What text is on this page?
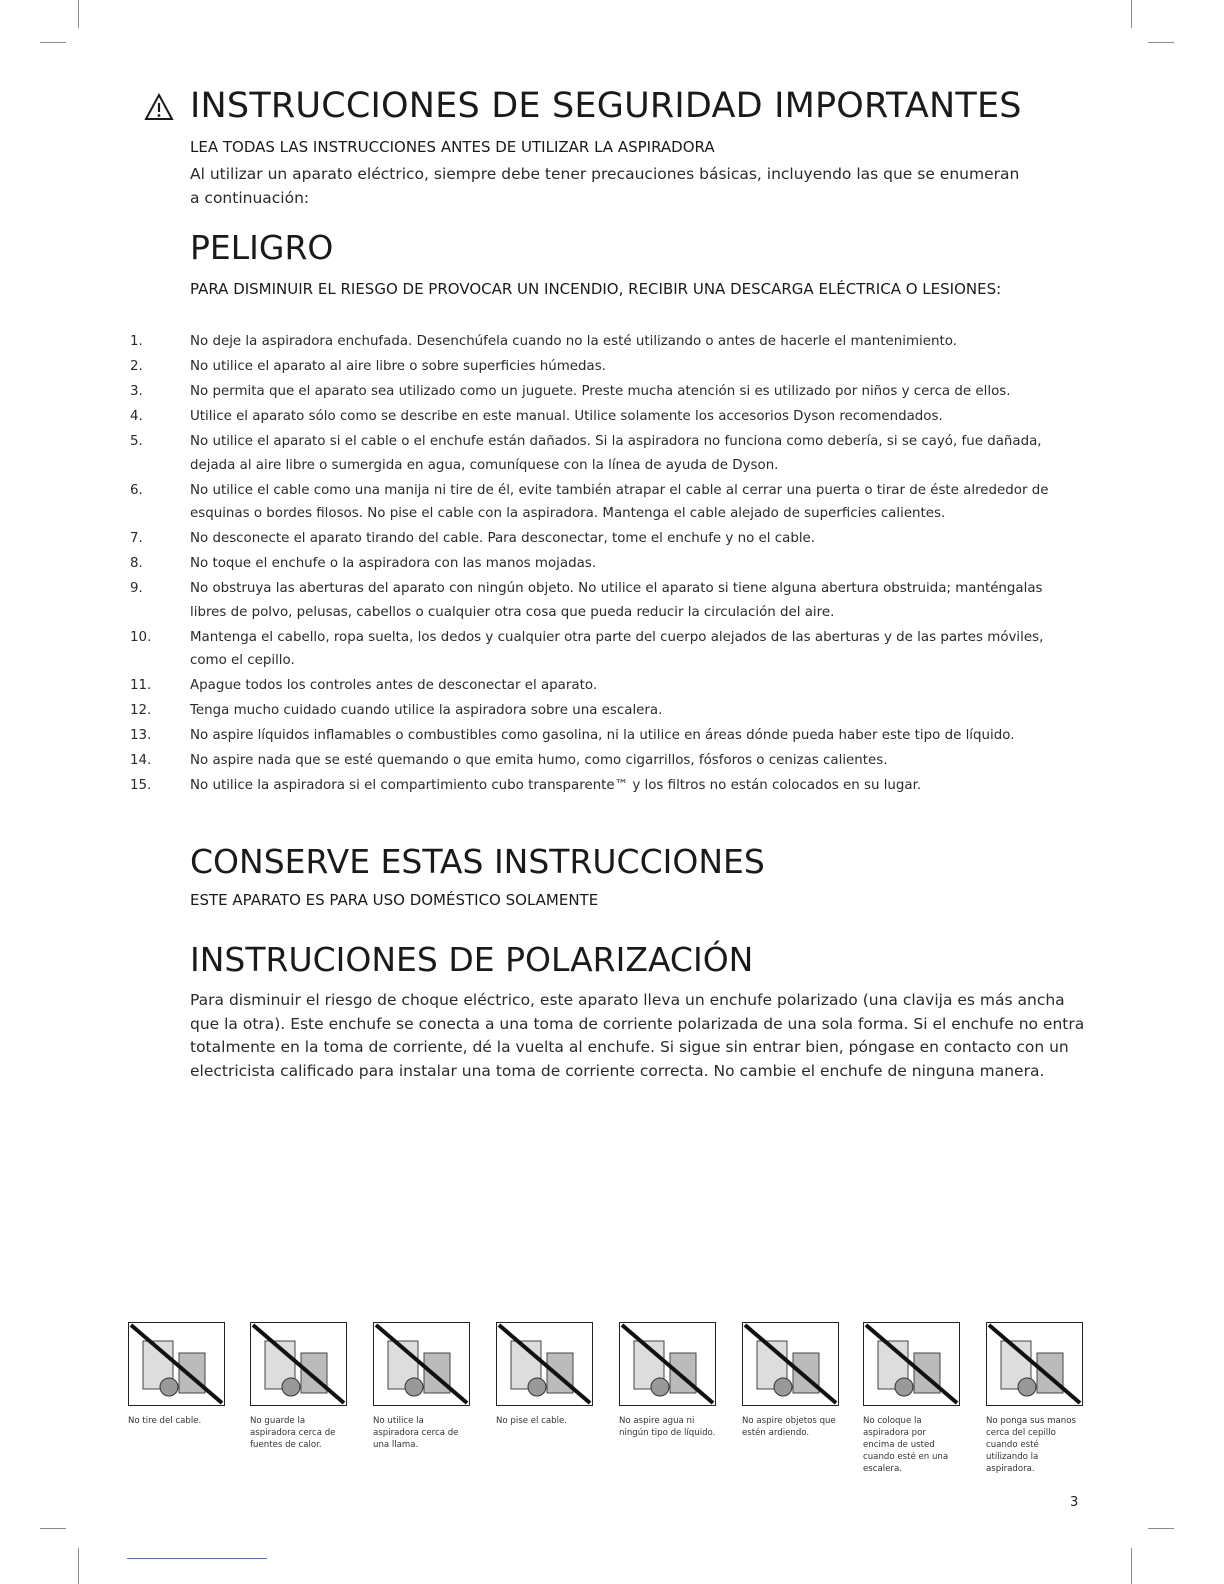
INSTRUCCIONES DE SEGURIDAD IMPORTANTES
LEA TODAS LAS INSTRUCCIONES ANTES DE UTILIZAR LA ASPIRADORA
Al utilizar un aparato eléctrico, siempre debe tener precauciones básicas, incluyendo las que se enumeran a continuación:
PELIGRO
PARA DISMINUIR EL RIESGO DE PROVOCAR UN INCENDIO, RECIBIR UNA DESCARGA ELÉCTRICA O LESIONES:
1.	No deje la aspiradora enchufada. Desenchúfela cuando no la esté utilizando o antes de hacerle el mantenimiento.
2.	No utilice el aparato al aire libre o sobre superficies húmedas.
3.	No permita que el aparato sea utilizado como un juguete. Preste mucha atención si es utilizado por niños y cerca de ellos.
4.	Utilice el aparato sólo como se describe en este manual. Utilice solamente los accesorios Dyson recomendados.
5.	No utilice el aparato si el cable o el enchufe están dañados. Si la aspiradora no funciona como debería, si se cayó, fue dañada, dejada al aire libre o sumergida en agua, comuníquese con la línea de ayuda de Dyson.
6.	No utilice el cable como una manija ni tire de él, evite también atrapar el cable al cerrar una puerta o tirar de éste alrededor de esquinas o bordes filosos. No pise el cable con la aspiradora. Mantenga el cable alejado de superficies calientes.
7.	No desconecte el aparato tirando del cable. Para desconectar, tome el enchufe y no el cable.
8.	No toque el enchufe o la aspiradora con las manos mojadas.
9.	No obstruya las aberturas del aparato con ningún objeto. No utilice el aparato si tiene alguna abertura obstruida; manténgalas libres de polvo, pelusas, cabellos o cualquier otra cosa que pueda reducir la circulación del aire.
10.	Mantenga el cabello, ropa suelta, los dedos y cualquier otra parte del cuerpo alejados de las aberturas y de las partes móviles, como el cepillo.
11.	Apague todos los controles antes de desconectar el aparato.
12.	Tenga mucho cuidado cuando utilice la aspiradora sobre una escalera.
13.	No aspire líquidos inflamables o combustibles como gasolina, ni la utilice en áreas dónde pueda haber este tipo de líquido.
14.	No aspire nada que se esté quemando o que emita humo, como cigarrillos, fósforos o cenizas calientes.
15.	No utilice la aspiradora si el compartimiento cubo transparente™ y los filtros no están colocados en su lugar.
CONSERVE ESTAS INSTRUCCIONES
ESTE APARATO ES PARA USO DOMÉSTICO SOLAMENTE
INSTRUCIONES DE POLARIZACIÓN
Para disminuir el riesgo de choque eléctrico, este aparato lleva un enchufe polarizado (una clavija es más ancha que la otra). Este enchufe se conecta a una toma de corriente polarizada de una sola forma. Si el enchufe no entra totalmente en la toma de corriente, dé la vuelta al enchufe. Si sigue sin entrar bien, póngase en contacto con un electricista calificado para instalar una toma de corriente correcta. No cambie el enchufe de ninguna manera.
No tire del cable.	No guarde la aspiradora cerca de fuentes de calor.
No utilice la aspiradora cerca de una llama.
No pise el cable.	No aspire agua ni ningún tipo de líquido.
No aspire objetos que estén ardiendo.
No coloque la aspiradora por encima de usted cuando esté en una escalera.
No ponga sus manos cerca del cepillo cuando esté utilizando la aspiradora.
3
